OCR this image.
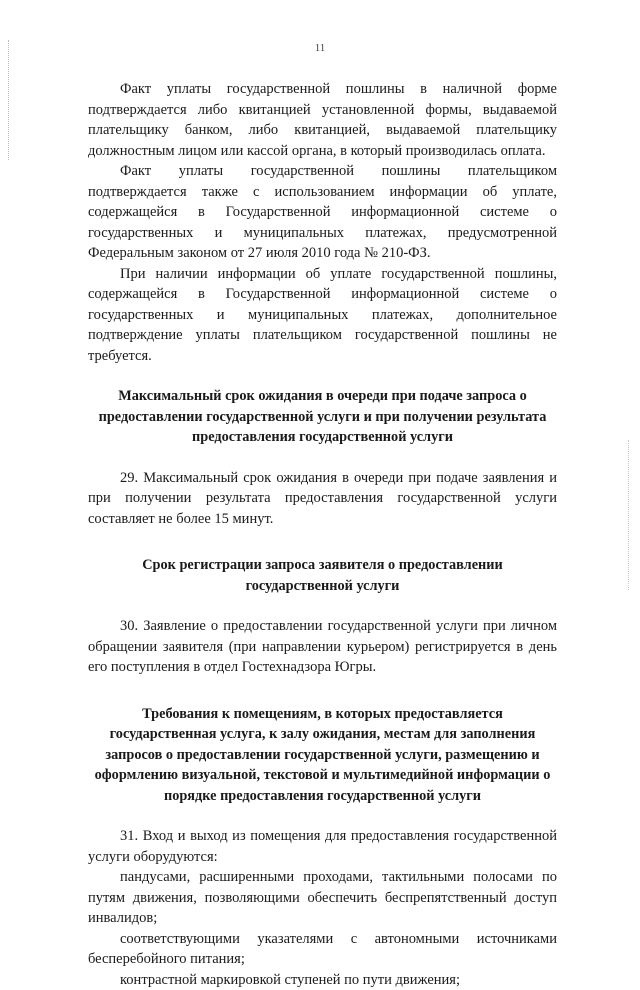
11

Факт уплаты государственной пошлины в наличной форме подтверждается либо квитанцией установленной формы, выдаваемой плательщику банком, либо квитанцией, выдаваемой плательщику должностным лицом или кассой органа, в который производилась оплата.

Факт уплаты государственной пошлины плательщиком подтверждается также с использованием информации об уплате, содержащейся в Государственной информационной системе о государственных и муниципальных платежах, предусмотренной Федеральным законом от 27 июля 2010 года № 210-ФЗ.

При наличии информации об уплате государственной пошлины, содержащейся в Государственной информационной системе о государственных и муниципальных платежах, дополнительное подтверждение уплаты плательщиком государственной пошлины не требуется.

Максимальный срок ожидания в очереди при подаче запроса о предоставлении государственной услуги и при получении результата предоставления государственной услуги

29. Максимальный срок ожидания в очереди при подаче заявления и при получении результата предоставления государственной услуги составляет не более 15 минут.

Срок регистрации запроса заявителя о предоставлении государственной услуги

30. Заявление о предоставлении государственной услуги при личном обращении заявителя (при направлении курьером) регистрируется в день его поступления в отдел Гостехнадзора Югры.

Требования к помещениям, в которых предоставляется государственная услуга, к залу ожидания, местам для заполнения запросов о предоставлении государственной услуги, размещению и оформлению визуальной, текстовой и мультимедийной информации о порядке предоставления государственной услуги

31. Вход и выход из помещения для предоставления государственной услуги оборудуются:

пандусами, расширенными проходами, тактильными полосами по путям движения, позволяющими обеспечить беспрепятственный доступ инвалидов;

соответствующими указателями с автономными источниками бесперебойного питания;

контрастной маркировкой ступеней по пути движения;
